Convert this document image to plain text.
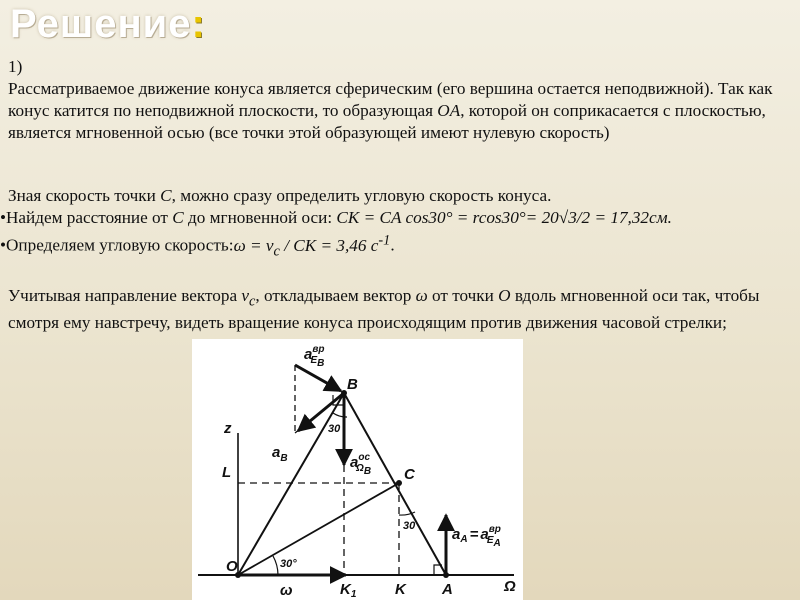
Решение:
1)
Рассматриваемое движение конуса является сферическим (его вершина остается неподвижной). Так как конус катится по неподвижной плоскости, то образующая OA, которой он соприкасается с плоскостью, является мгновенной осью (все точки этой образующей имеют нулевую скорость)
Зная скорость точки C, можно сразу определить угловую скорость конуса.
•Найдем расстояние от C до мгновенной оси: CK = CA cos30° = rcos30°= 20√3/2 = 17,32см.
•Определяем угловую скорость:ω = $v_c$ / CK = 3,46 $c^{-1}$.
Учитывая направление вектора $v_c$, откладываем вектор ω от точки O вдоль мгновенной оси так, чтобы смотря ему навстречу, видеть вращение конуса происходящим против движения часовой стрелки;
z
L
O
ω	$K_1$	K A	Ω
B
C
30°
30
30
$a_B$
$a^{вр}$ $E_B$
$a^{ос}$ $\Omega_B$
$a_A = a^{вр}$ $E_A$
